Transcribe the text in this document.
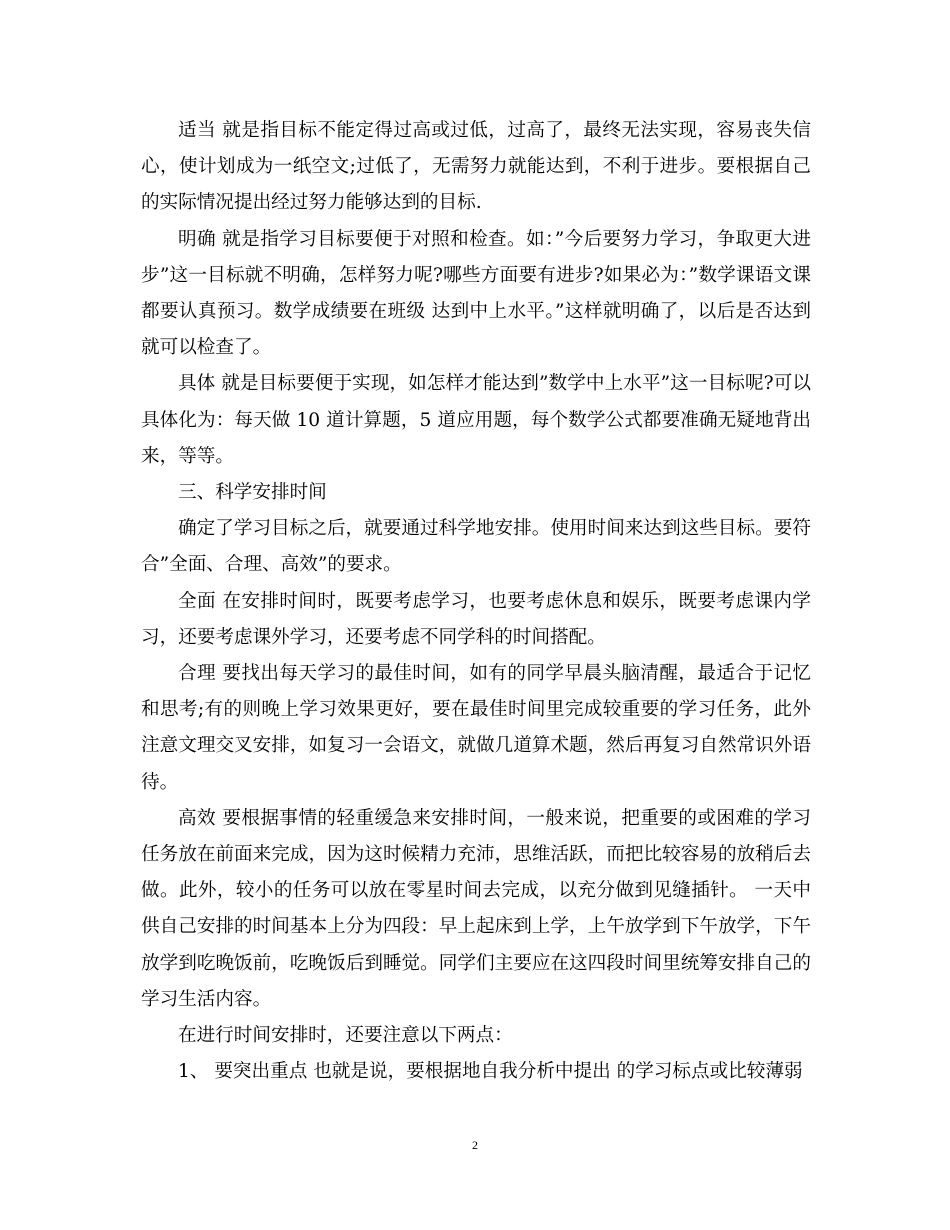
适当 就是指目标不能定得过高或过低，过高了，最终无法实现，容易丧失信心，使计划成为一纸空文;过低了，无需努力就能达到，不利于进步。要根据自己的实际情况提出经过努力能够达到的目标.

明确 就是指学习目标要便于对照和检查。如：”今后要努力学习，争取更大进步”这一目标就不明确，怎样努力呢?哪些方面要有进步?如果必为：”数学课语文课都要认真预习。数学成绩要在班级 达到中上水平。”这样就明确了，以后是否达到就可以检查了。

具体 就是目标要便于实现，如怎样才能达到”数学中上水平”这一目标呢?可以具体化为：每天做 10 道计算题，5 道应用题，每个数学公式都要准确无疑地背出来，等等。

三、科学安排时间

确定了学习目标之后，就要通过科学地安排。使用时间来达到这些目标。要符合”全面、合理、高效”的要求。

全面 在安排时间时，既要考虑学习，也要考虑休息和娱乐，既要考虑课内学习，还要考虑课外学习，还要考虑不同学科的时间搭配。

合理 要找出每天学习的最佳时间，如有的同学早晨头脑清醒，最适合于记忆和思考;有的则晚上学习效果更好，要在最佳时间里完成较重要的学习任务，此外注意文理交叉安排，如复习一会语文，就做几道算术题，然后再复习自然常识外语待。

高效 要根据事情的轻重缓急来安排时间，一般来说，把重要的或困难的学习任务放在前面来完成，因为这时候精力充沛，思维活跃，而把比较容易的放稍后去做。此外，较小的任务可以放在零星时间去完成，以充分做到见缝插针。 一天中供自己安排的时间基本上分为四段：早上起床到上学，上午放学到下午放学，下午放学到吃晚饭前，吃晚饭后到睡觉。同学们主要应在这四段时间里统筹安排自己的学习生活内容。

在进行时间安排时，还要注意以下两点：

1、 要突出重点 也就是说，要根据地自我分析中提出 的学习标点或比较薄弱

2
